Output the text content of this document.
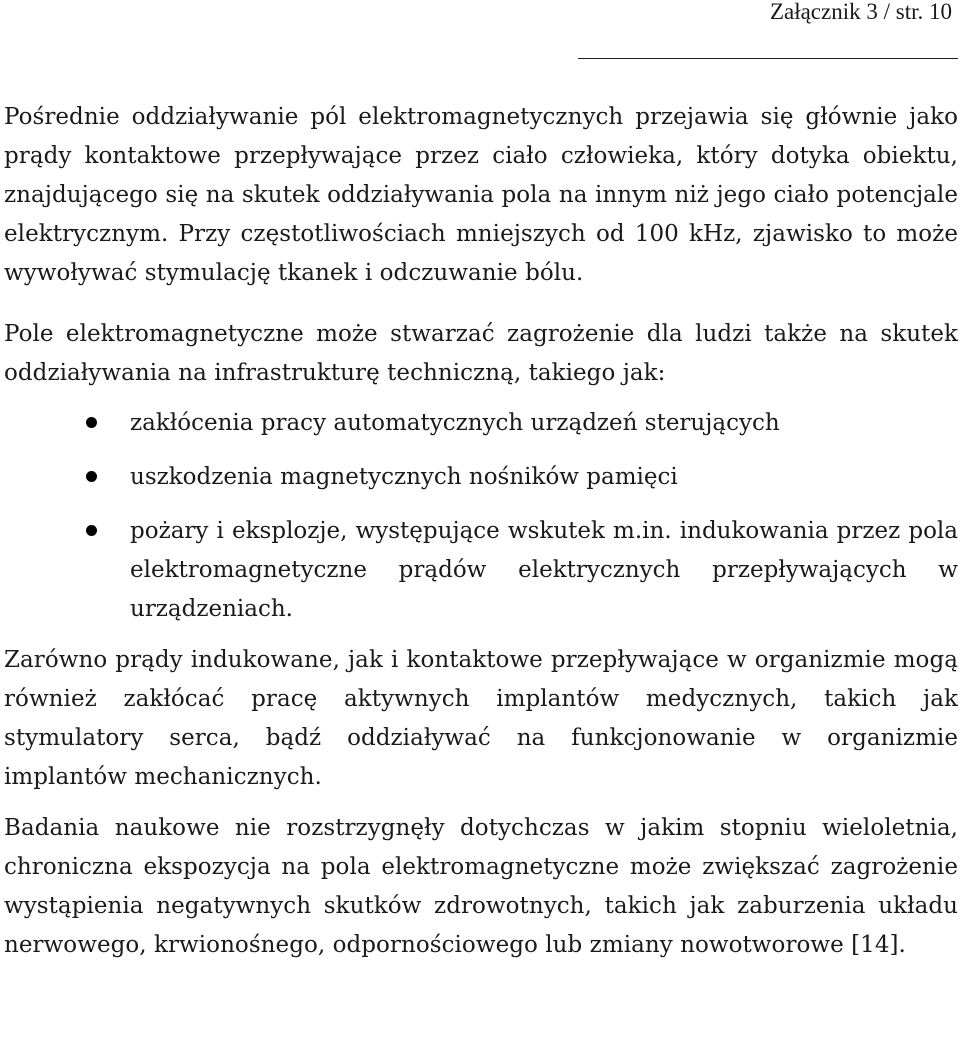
Załącznik 3 / str. 10

Pośrednie oddziaływanie pól elektromagnetycznych przejawia się głównie jako prądy kontaktowe przepływające przez ciało człowieka, który dotyka obiektu, znajdującego się na skutek oddziaływania pola na innym niż jego ciało potencjale elektrycznym. Przy częstotliwościach mniejszych od 100 kHz, zjawisko to może wywoływać stymulację tkanek i odczuwanie bólu.

Pole elektromagnetyczne może stwarzać zagrożenie dla ludzi także na skutek oddziaływania na infrastrukturę techniczną, takiego jak:

zakłócenia pracy automatycznych urządzeń sterujących
uszkodzenia magnetycznych nośników pamięci
pożary i eksplozje, występujące wskutek m.in. indukowania przez pola elektromagnetyczne prądów elektrycznych przepływających w urządzeniach.

Zarówno prądy indukowane, jak i kontaktowe przepływające w organizmie mogą również zakłócać pracę aktywnych implantów medycznych, takich jak stymulatory serca, bądź oddziaływać na funkcjonowanie w organizmie implantów mechanicznych.

Badania naukowe nie rozstrzygnęły dotychczas w jakim stopniu wieloletnia, chroniczna ekspozycja na pola elektromagnetyczne może zwiększać zagrożenie wystąpienia negatywnych skutków zdrowotnych, takich jak zaburzenia układu nerwowego, krwionośnego, odpornościowego lub zmiany nowotworowe [14].
